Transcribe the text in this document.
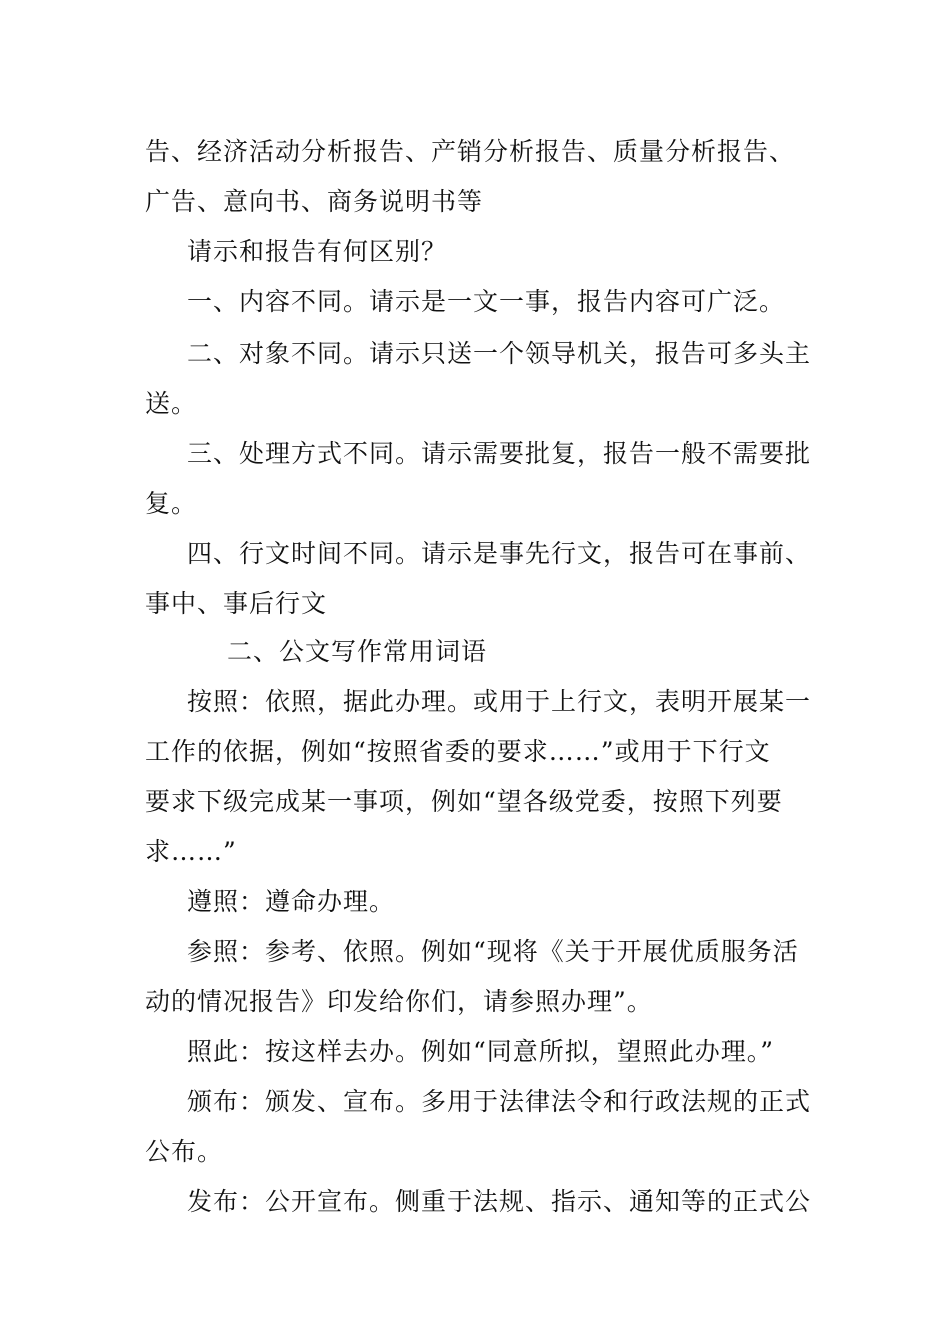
告、经济活动分析报告、产销分析报告、质量分析报告、
广告、意向书、商务说明书等
请示和报告有何区别？
一、内容不同。请示是一文一事，报告内容可广泛。
二、对象不同。请示只送一个领导机关，报告可多头主
送。
三、处理方式不同。请示需要批复，报告一般不需要批
复。
四、行文时间不同。请示是事先行文，报告可在事前、
事中、事后行文
二、公文写作常用词语
按照：依照，据此办理。或用于上行文，表明开展某一
工作的依据，例如“按照省委的要求……”或用于下行文
要求下级完成某一事项，例如“望各级党委，按照下列要
求……”
遵照：遵命办理。
参照：参考、依照。例如“现将《关于开展优质服务活
动的情况报告》印发给你们，请参照办理”。
照此：按这样去办。例如“同意所拟，望照此办理。”
颁布：颁发、宣布。多用于法律法令和行政法规的正式
公布。
发布：公开宣布。侧重于法规、指示、通知等的正式公
